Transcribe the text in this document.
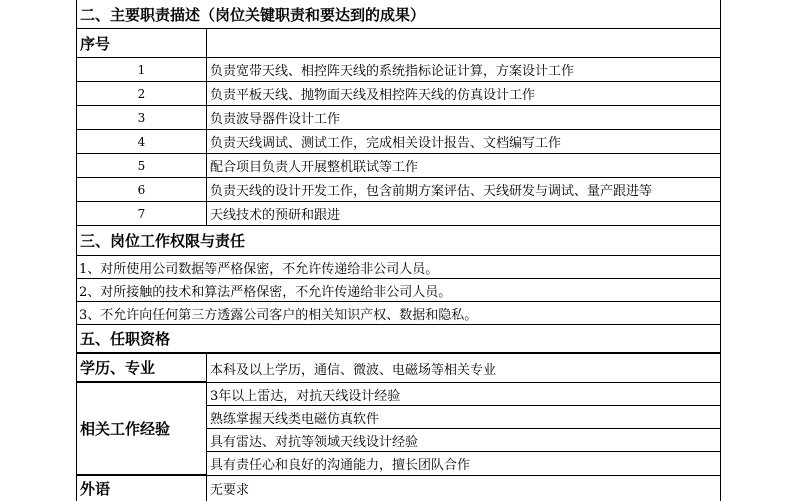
二、主要职责描述（岗位关键职责和要达到的成果）
序号
1	负责宽带天线、相控阵天线的系统指标论证计算，方案设计工作
2	负责平板天线、抛物面天线及相控阵天线的仿真设计工作
3	负责波导器件设计工作
4	负责天线调试、测试工作，完成相关设计报告、文档编写工作
5	配合项目负责人开展整机联试等工作
6	负责天线的设计开发工作，包含前期方案评估、天线研发与调试、量产跟进等
7	天线技术的预研和跟进
三、岗位工作权限与责任
1、对所使用公司数据等严格保密，不允许传递给非公司人员。
2、对所接触的技术和算法严格保密，不允许传递给非公司人员。
3、不允许向任何第三方透露公司客户的相关知识产权、数据和隐私。
五、任职资格
学历、专业	本科及以上学历，通信、微波、电磁场等相关专业
相关工作经验
3年以上雷达，对抗天线设计经验
熟练掌握天线类电磁仿真软件
具有雷达、对抗等领域天线设计经验
具有责任心和良好的沟通能力，擅长团队合作
外语	无要求
